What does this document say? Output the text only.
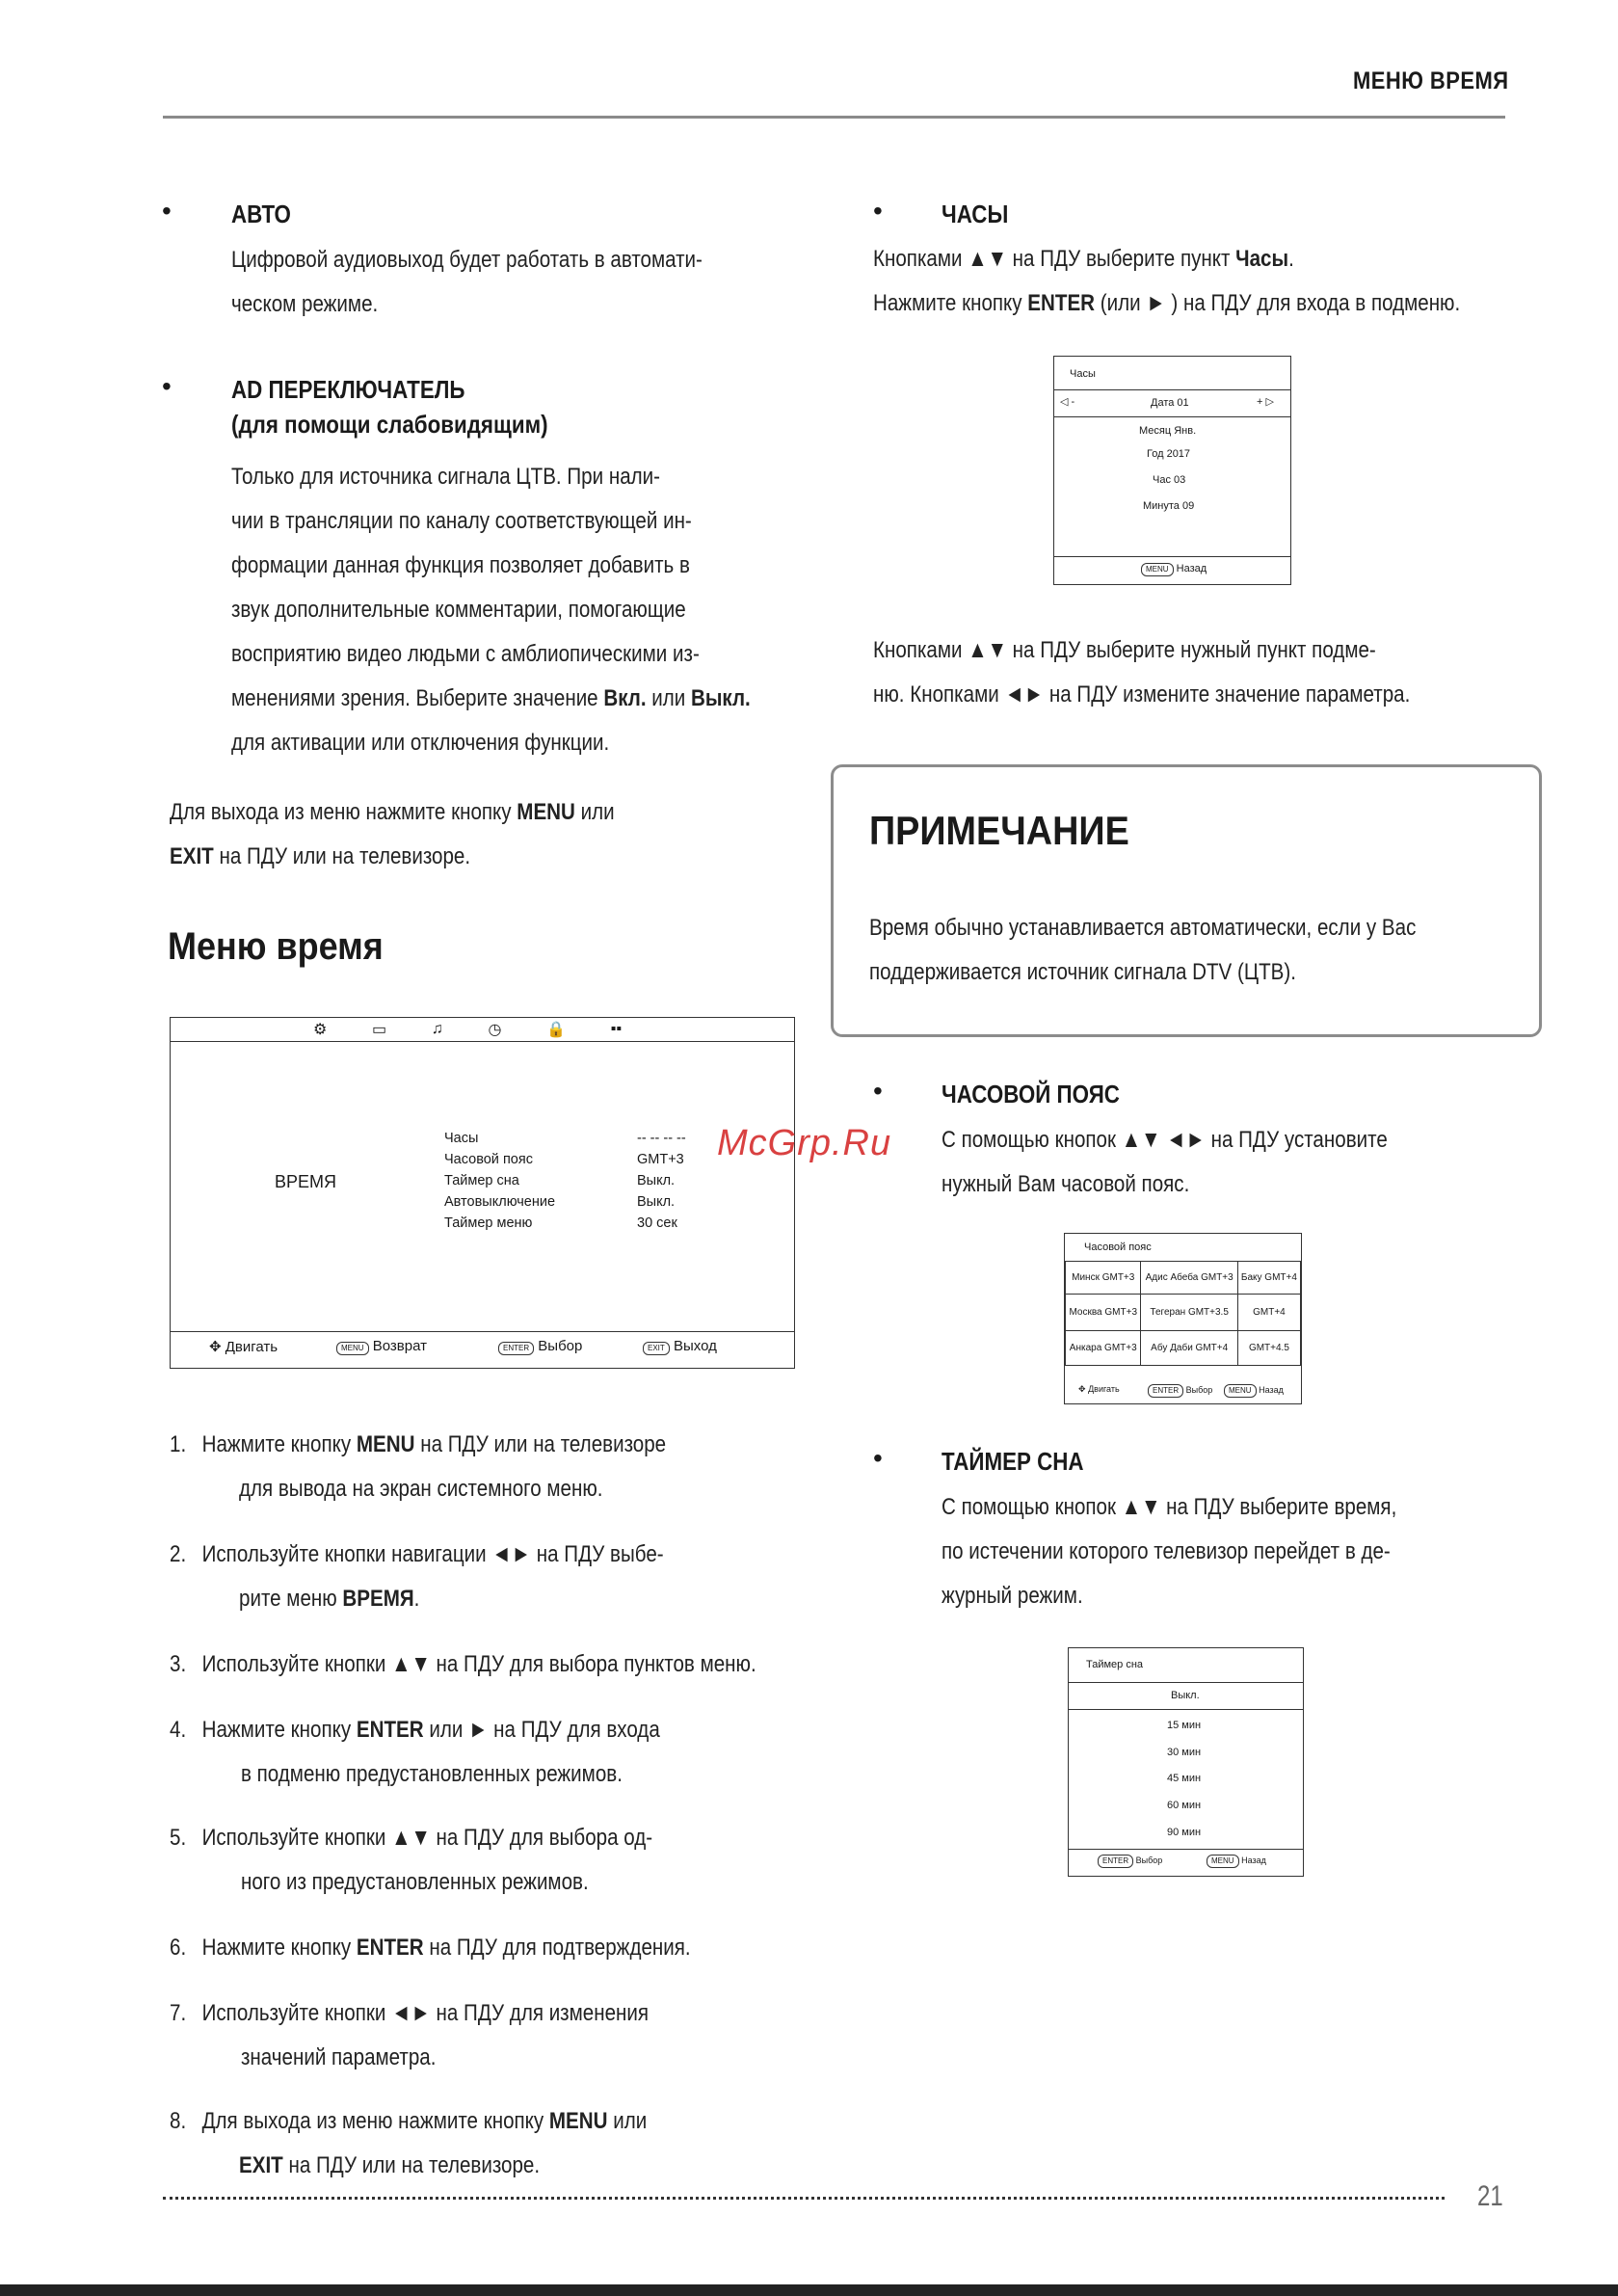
МЕНЮ ВРЕМЯ
• АВТО
Цифровой аудиовыход будет работать в автомати-
ческом режиме.
• AD ПЕРЕКЛЮЧАТЕЛЬ
(для помощи слабовидящим)
Только для источника сигнала ЦТВ. При нали-
чии в трансляции по каналу соответствующей ин-
формации данная функция позволяет добавить в
звук дополнительные комментарии, помогающие
восприятию видео людьми с амблиопическими из-
менениями зрения. Выберите значение Вкл. или Выкл.
для активации или отключения функции.
Для выхода из меню нажмите кнопку MENU или
EXIT на ПДУ или на телевизоре.
Меню время
⚙	▭	♫	◷	🔒	▪▪
ВРЕМЯ
Часы	-- -- -- --
Часовой пояс	GMT+3
Таймер сна	Выкл.
Автовыключение	Выкл.
Таймер меню	30 сек
✥ Двигать	MENU Возврат	ENTER Выбор	EXIT Выход
1. Нажмите кнопку MENU на ПДУ или на телевизоре
для вывода на экран системного меню.
2. Используйте кнопки навигации ◄► на ПДУ выбе-
рите меню ВРЕМЯ.
3. Используйте кнопки ▲▼ на ПДУ для выбора пунктов меню.
4. Нажмите кнопку ENTER или ► на ПДУ для входа
в подменю предустановленных режимов.
5. Используйте кнопки ▲▼ на ПДУ для выбора од-
ного из предустановленных режимов.
6. Нажмите кнопку ENTER на ПДУ для подтверждения.
7. Используйте кнопки ◄► на ПДУ для изменения
значений параметра.
8. Для выхода из меню нажмите кнопку MENU или
EXIT на ПДУ или на телевизоре.
• ЧАСЫ
Кнопками ▲▼ на ПДУ выберите пункт Часы.
Нажмите кнопку ENTER (или ► ) на ПДУ для входа в подменю.
Часы
◁ -	Дата 01	+ ▷
Месяц Янв.
Год 2017
Час 03
Минута 09
MENU Назад
Кнопками ▲▼ на ПДУ выберите нужный пункт подме-
ню. Кнопками ◄► на ПДУ измените значение параметра.
ПРИМЕЧАНИЕ
Время обычно устанавливается автоматически, если у Вас
поддерживается источник сигнала DTV (ЦТВ).
• ЧАСОВОЙ ПОЯС
С помощью кнопок ▲▼ ◄► на ПДУ установите
нужный Вам часовой пояс.
Часовой пояс
Минск GMT+3	Адис Абеба GMT+3	Баку GMT+4
Москва GMT+3	Тегеран GMT+3.5	GMT+4
Анкара GMT+3	Абу Даби GMT+4	GMT+4.5
✥ Двигать	ENTER Выбор	MENU Назад
• ТАЙМЕР СНА
С помощью кнопок ▲▼ на ПДУ выберите время,
по истечении которого телевизор перейдет в де-
журный режим.
Таймер сна
Выкл.
15 мин
30 мин
45 мин
60 мин
90 мин
ENTER Выбор	MENU Назад
McGrp.Ru
21
